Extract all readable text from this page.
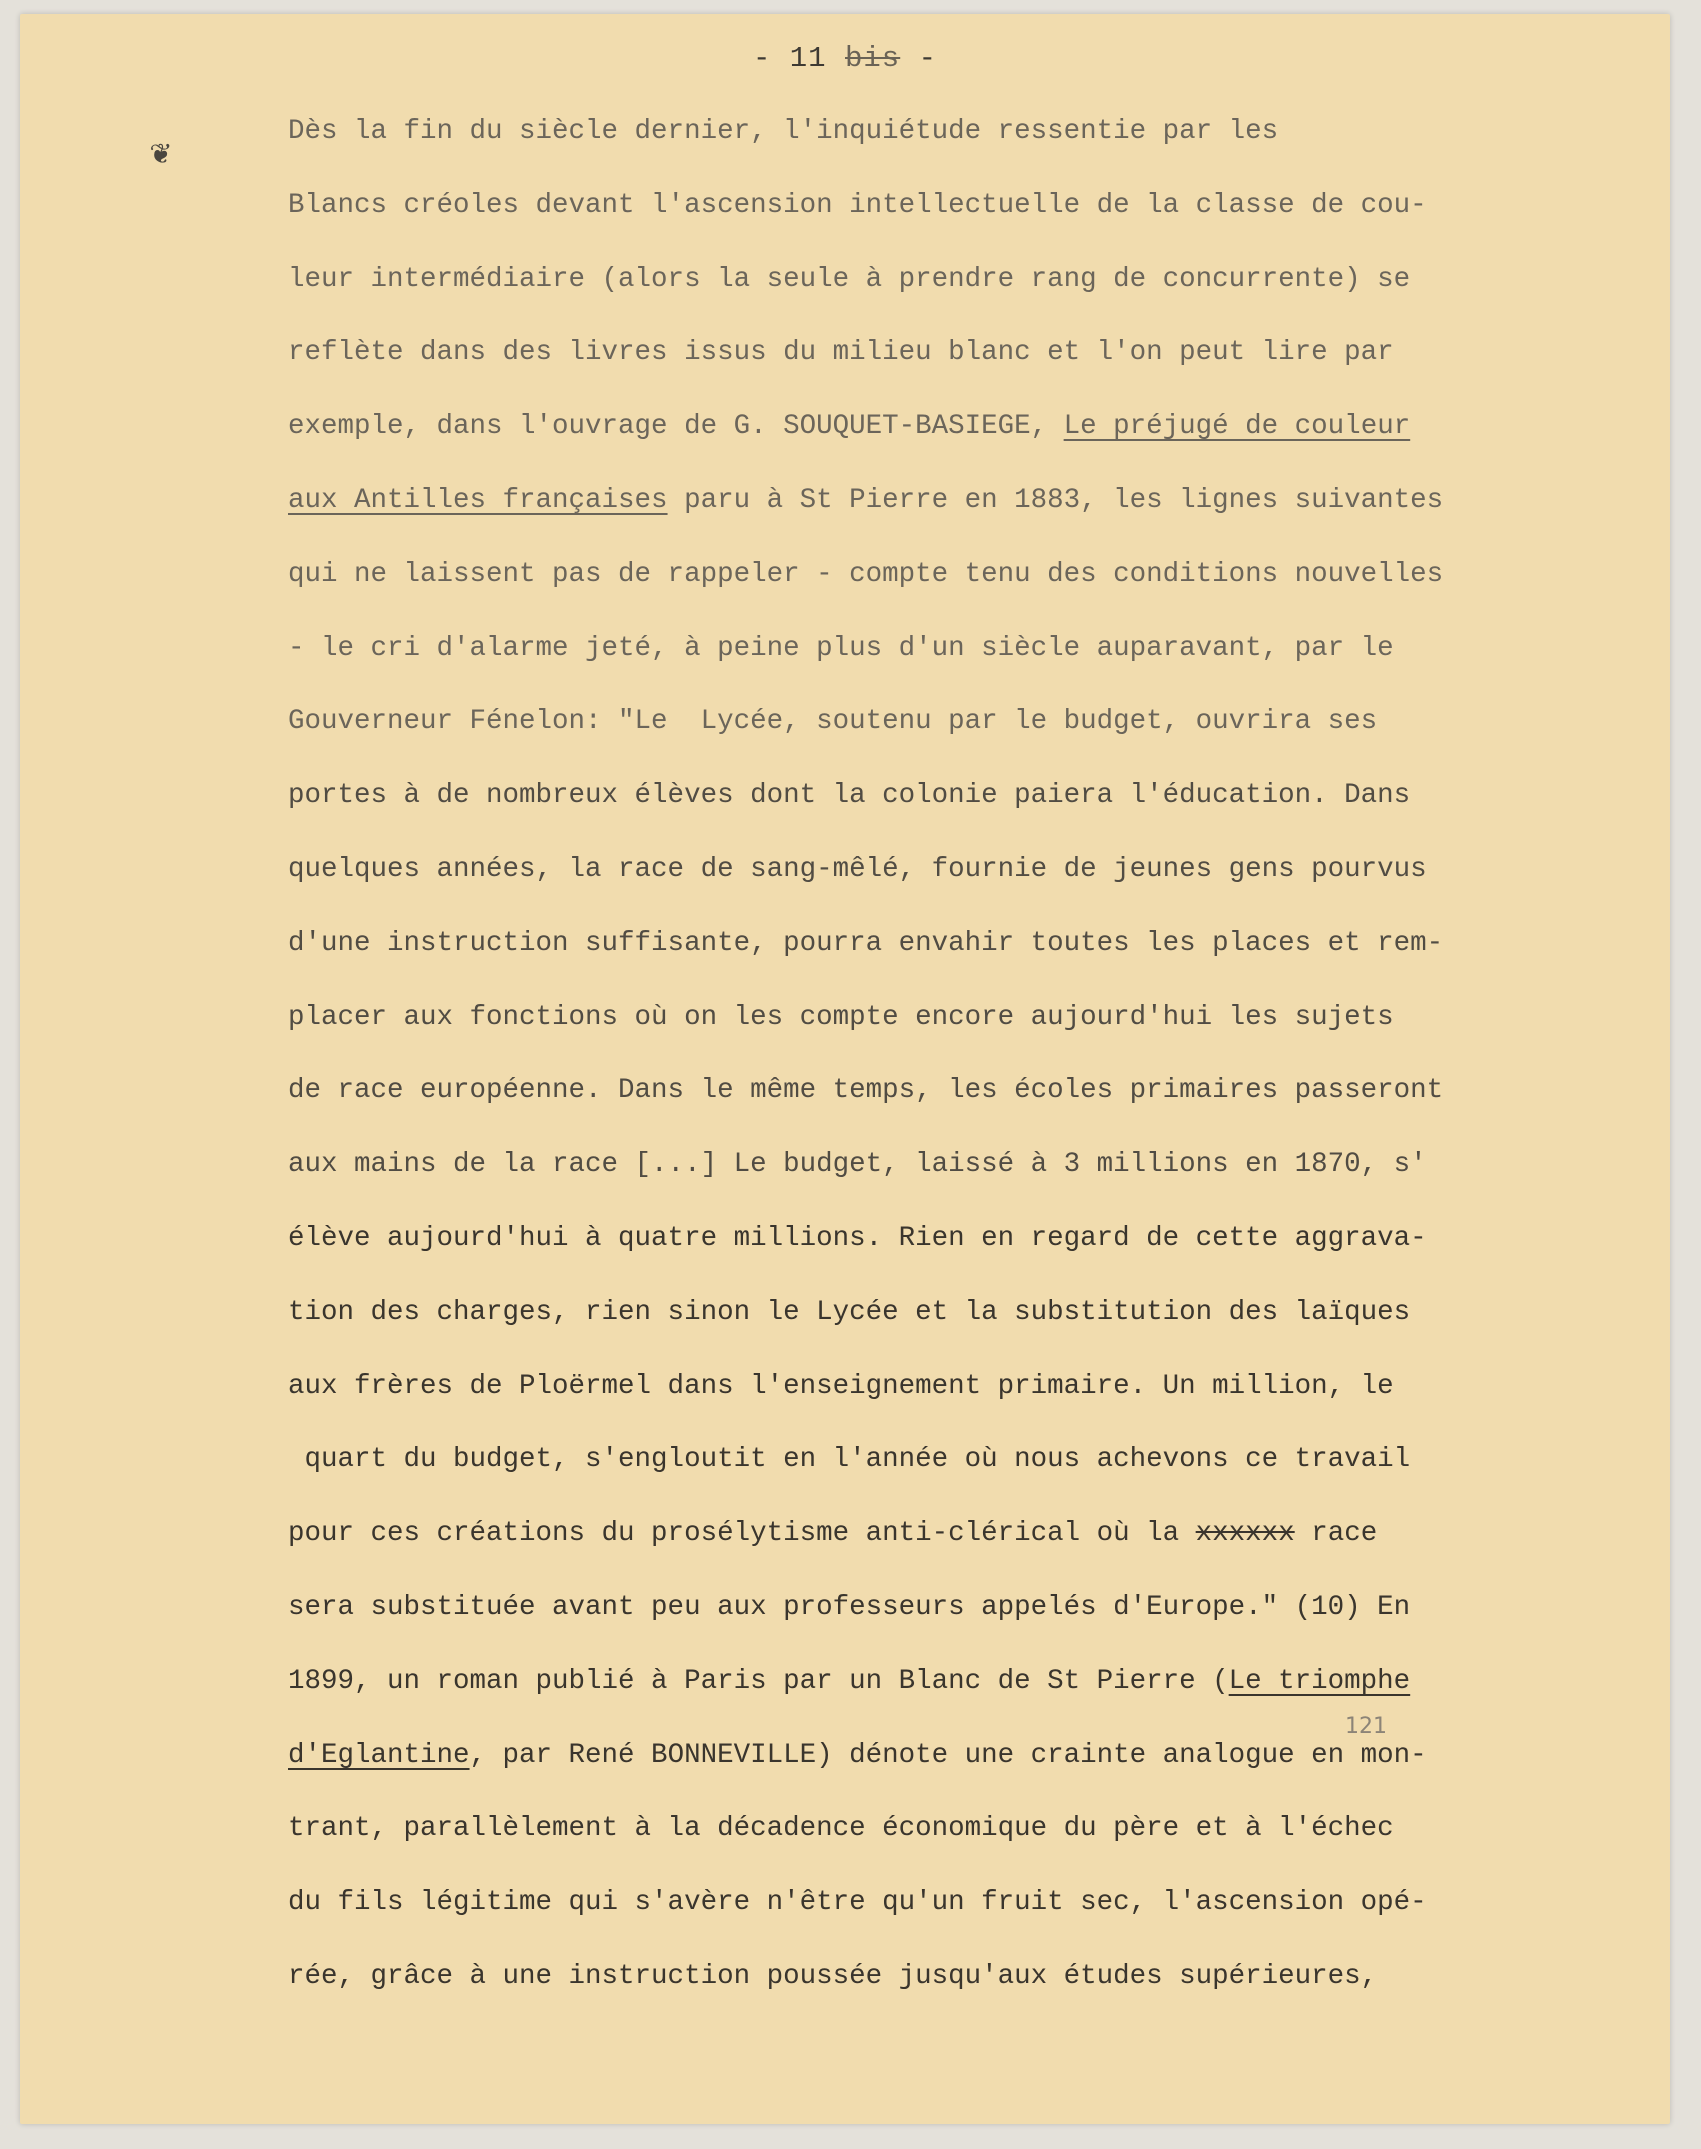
- 11 bis -
❦
Dès la fin du siècle dernier, l'inquiétude ressentie par les
Blancs créoles devant l'ascension intellectuelle de la classe de cou-
leur intermédiaire (alors la seule à prendre rang de concurrente) se
reflète dans des livres issus du milieu blanc et l'on peut lire par
exemple, dans l'ouvrage de G. SOUQUET-BASIEGE, Le préjugé de couleur
aux Antilles françaises paru à St Pierre en 1883, les lignes suivantes
qui ne laissent pas de rappeler - compte tenu des conditions nouvelles
- le cri d'alarme jeté, à peine plus d'un siècle auparavant, par le
Gouverneur Fénelon: "Le  Lycée, soutenu par le budget, ouvrira ses
portes à de nombreux élèves dont la colonie paiera l'éducation. Dans
quelques années, la race de sang-mêlé, fournie de jeunes gens pourvus
d'une instruction suffisante, pourra envahir toutes les places et rem-
placer aux fonctions où on les compte encore aujourd'hui les sujets
de race européenne. Dans le même temps, les écoles primaires passeront
aux mains de la race [...] Le budget, laissé à 3 millions en 1870, s'
élève aujourd'hui à quatre millions. Rien en regard de cette aggrava-
tion des charges, rien sinon le Lycée et la substitution des laïques
aux frères de Ploërmel dans l'enseignement primaire. Un million, le
quart du budget, s'engloutit en l'année où nous achevons ce travail
pour ces créations du prosélytisme anti-clérical où la xxxxxx race
sera substituée avant peu aux professeurs appelés d'Europe." (10) En
1899, un roman publié à Paris par un Blanc de St Pierre (Le triomphe
d'Eglantine, par René BONNEVILLE) dénote une crainte analogue en mon-
trant, parallèlement à la décadence économique du père et à l'échec
du fils légitime qui s'avère n'être qu'un fruit sec, l'ascension opé-
rée, grâce à une instruction poussée jusqu'aux études supérieures,
121
